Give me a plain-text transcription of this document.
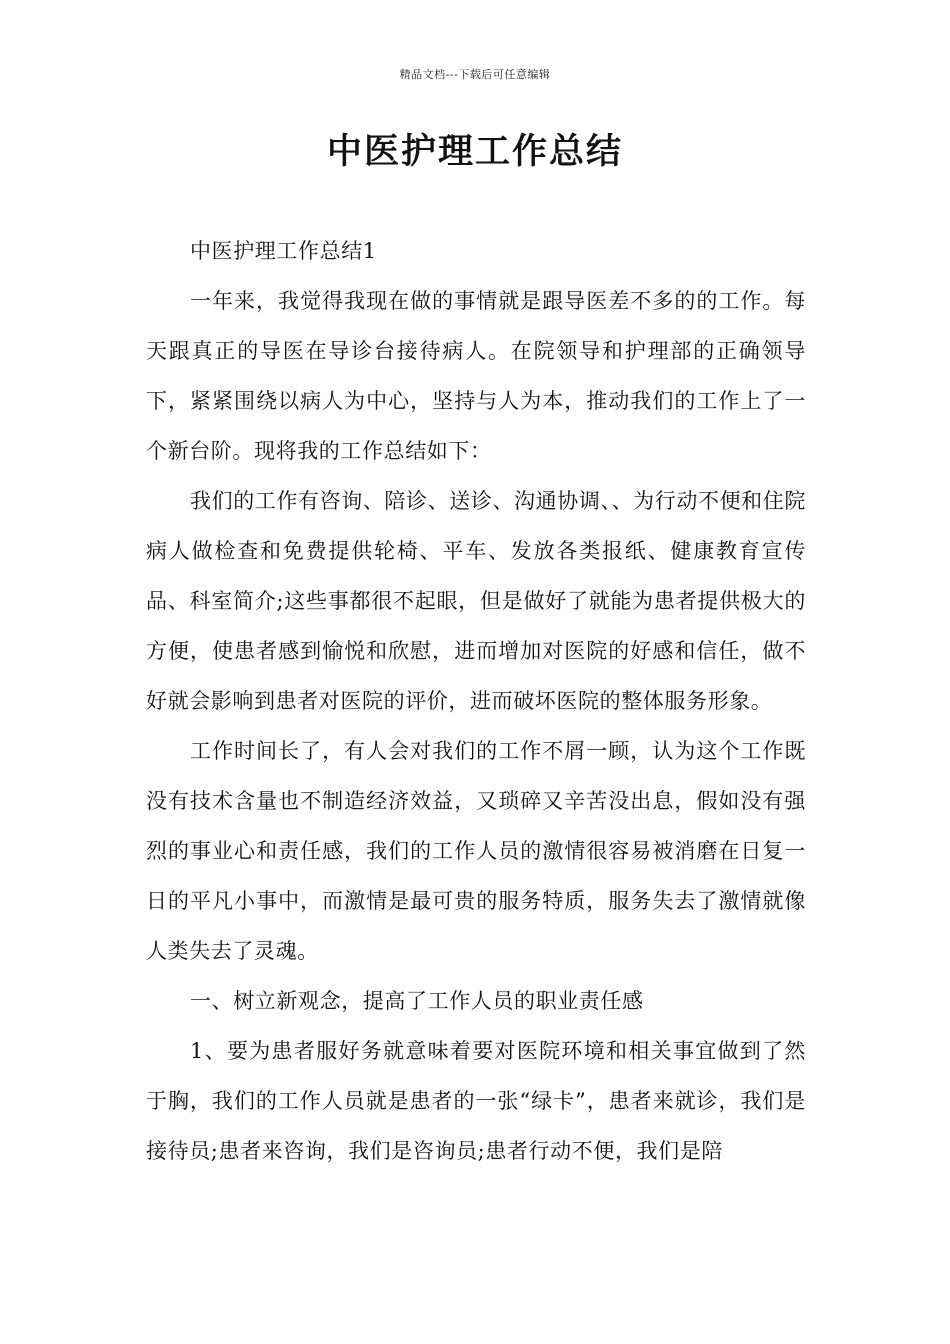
精品文档---下载后可任意编辑
中医护理工作总结

中医护理工作总结1

一年来，我觉得我现在做的事情就是跟导医差不多的的工作。每天跟真正的导医在导诊台接待病人。在院领导和护理部的正确领导下，紧紧围绕以病人为中心，坚持与人为本，推动我们的工作上了一个新台阶。现将我的工作总结如下：

我们的工作有咨询、陪诊、送诊、沟通协调、、为行动不便和住院病人做检查和免费提供轮椅、平车、发放各类报纸、健康教育宣传品、科室简介;这些事都很不起眼，但是做好了就能为患者提供极大的方便，使患者感到愉悦和欣慰，进而增加对医院的好感和信任，做不好就会影响到患者对医院的评价，进而破坏医院的整体服务形象。

工作时间长了，有人会对我们的工作不屑一顾，认为这个工作既没有技术含量也不制造经济效益，又琐碎又辛苦没出息，假如没有强烈的事业心和责任感，我们的工作人员的激情很容易被消磨在日复一日的平凡小事中，而激情是最可贵的服务特质，服务失去了激情就像人类失去了灵魂。

一、树立新观念，提高了工作人员的职业责任感

1、要为患者服好务就意味着要对医院环境和相关事宜做到了然于胸，我们的工作人员就是患者的一张“绿卡”，患者来就诊，我们是接待员;患者来咨询，我们是咨询员;患者行动不便，我们是陪
